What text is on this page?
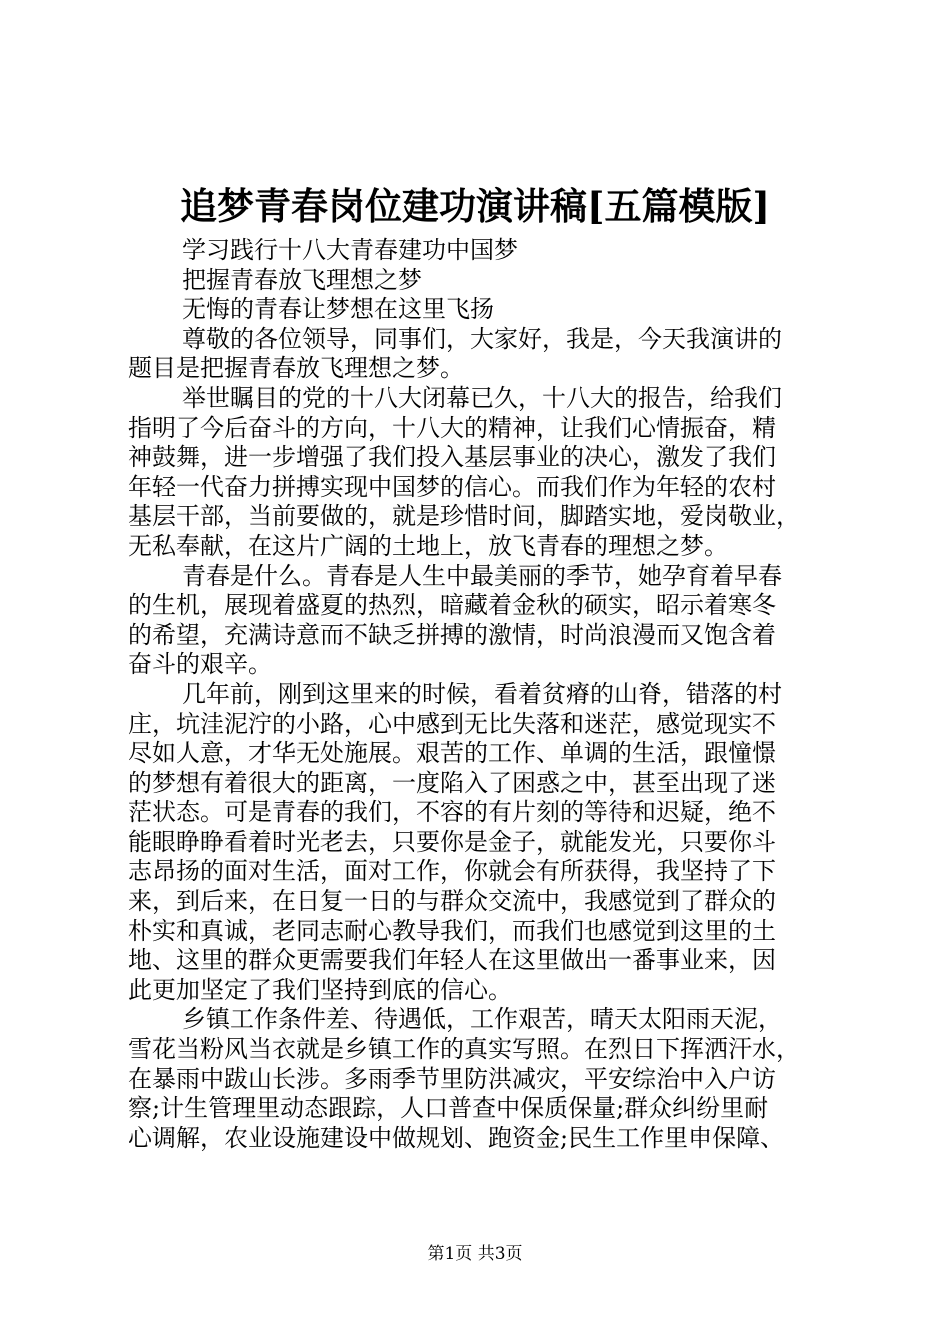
追梦青春岗位建功演讲稿[五篇模版]
学习践行十八大青春建功中国梦
把握青春放飞理想之梦
无悔的青春让梦想在这里飞扬
尊敬的各位领导，同事们，大家好，我是，今天我演讲的
题目是把握青春放飞理想之梦。
举世瞩目的党的十八大闭幕已久，十八大的报告，给我们
指明了今后奋斗的方向，十八大的精神，让我们心情振奋，精
神鼓舞，进一步增强了我们投入基层事业的决心，激发了我们
年轻一代奋力拼搏实现中国梦的信心。而我们作为年轻的农村
基层干部，当前要做的，就是珍惜时间，脚踏实地，爱岗敬业，
无私奉献，在这片广阔的土地上，放飞青春的理想之梦。
青春是什么。青春是人生中最美丽的季节，她孕育着早春
的生机，展现着盛夏的热烈，暗藏着金秋的硕实，昭示着寒冬
的希望，充满诗意而不缺乏拼搏的激情，时尚浪漫而又饱含着
奋斗的艰辛。
几年前，刚到这里来的时候，看着贫瘠的山脊，错落的村
庄，坑洼泥泞的小路，心中感到无比失落和迷茫，感觉现实不
尽如人意，才华无处施展。艰苦的工作、单调的生活，跟憧憬
的梦想有着很大的距离，一度陷入了困惑之中，甚至出现了迷
茫状态。可是青春的我们，不容的有片刻的等待和迟疑，绝不
能眼睁睁看着时光老去，只要你是金子，就能发光，只要你斗
志昂扬的面对生活，面对工作，你就会有所获得，我坚持了下
来，到后来，在日复一日的与群众交流中，我感觉到了群众的
朴实和真诚，老同志耐心教导我们，而我们也感觉到这里的土
地、这里的群众更需要我们年轻人在这里做出一番事业来，因
此更加坚定了我们坚持到底的信心。
乡镇工作条件差、待遇低，工作艰苦，晴天太阳雨天泥，
雪花当粉风当衣就是乡镇工作的真实写照。在烈日下挥洒汗水，
在暴雨中跋山长涉。多雨季节里防洪减灾，平安综治中入户访
察;计生管理里动态跟踪，人口普查中保质保量;群众纠纷里耐
心调解，农业设施建设中做规划、跑资金;民生工作里申保障、
第1页 共3页
